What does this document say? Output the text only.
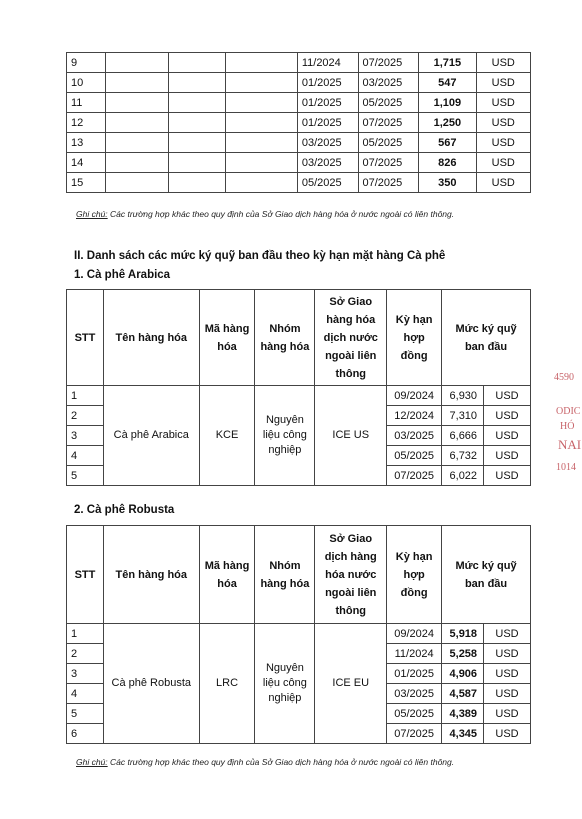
9				11/2024	07/2025	1,715	USD
10				01/2025	03/2025	547	USD
11				01/2025	05/2025	1,109	USD
12				01/2025	07/2025	1,250	USD
13				03/2025	05/2025	567	USD
14				03/2025	07/2025	826	USD
15				05/2025	07/2025	350	USD
Ghi chú: Các trường hợp khác theo quy định của Sở Giao dịch hàng hóa ở nước ngoài có liên thông.

II. Danh sách các mức ký quỹ ban đầu theo kỳ hạn mặt hàng Cà phê

1. Cà phê Arabica

STT	Tên hàng hóa	Mã hàng hóa	Nhóm hàng hóa	Sở Giao hàng hóa dịch nước ngoài liên thông	Kỳ hạn hợp đồng	Mức ký quỹ ban đầu	
1	Cà phê Arabica	KCE	Nguyên liệu công nghiệp	ICE US	09/2024	6,930	USD
2					12/2024	7,310	USD
3					03/2025	6,666	USD
4					05/2025	6,732	USD
5					07/2025	6,022	USD

2. Cà phê Robusta

STT	Tên hàng hóa	Mã hàng hóa	Nhóm hàng hóa	Sở Giao dịch hàng hóa nước ngoài liên thông	Kỳ hạn hợp đồng	Mức ký quỹ ban đầu	
1	Cà phê Robusta	LRC	Nguyên liệu công nghiệp	ICE EU	09/2024	5,918	USD
2					11/2024	5,258	USD
3					01/2025	4,906	USD
4					03/2025	4,587	USD
5					05/2025	4,389	USD
6					07/2025	4,345	USD
Ghi chú: Các trường hợp khác theo quy định của Sở Giao dịch hàng hóa ở nước ngoài có liên thông.
4590
ODIC
HÓ
NAI
1014
